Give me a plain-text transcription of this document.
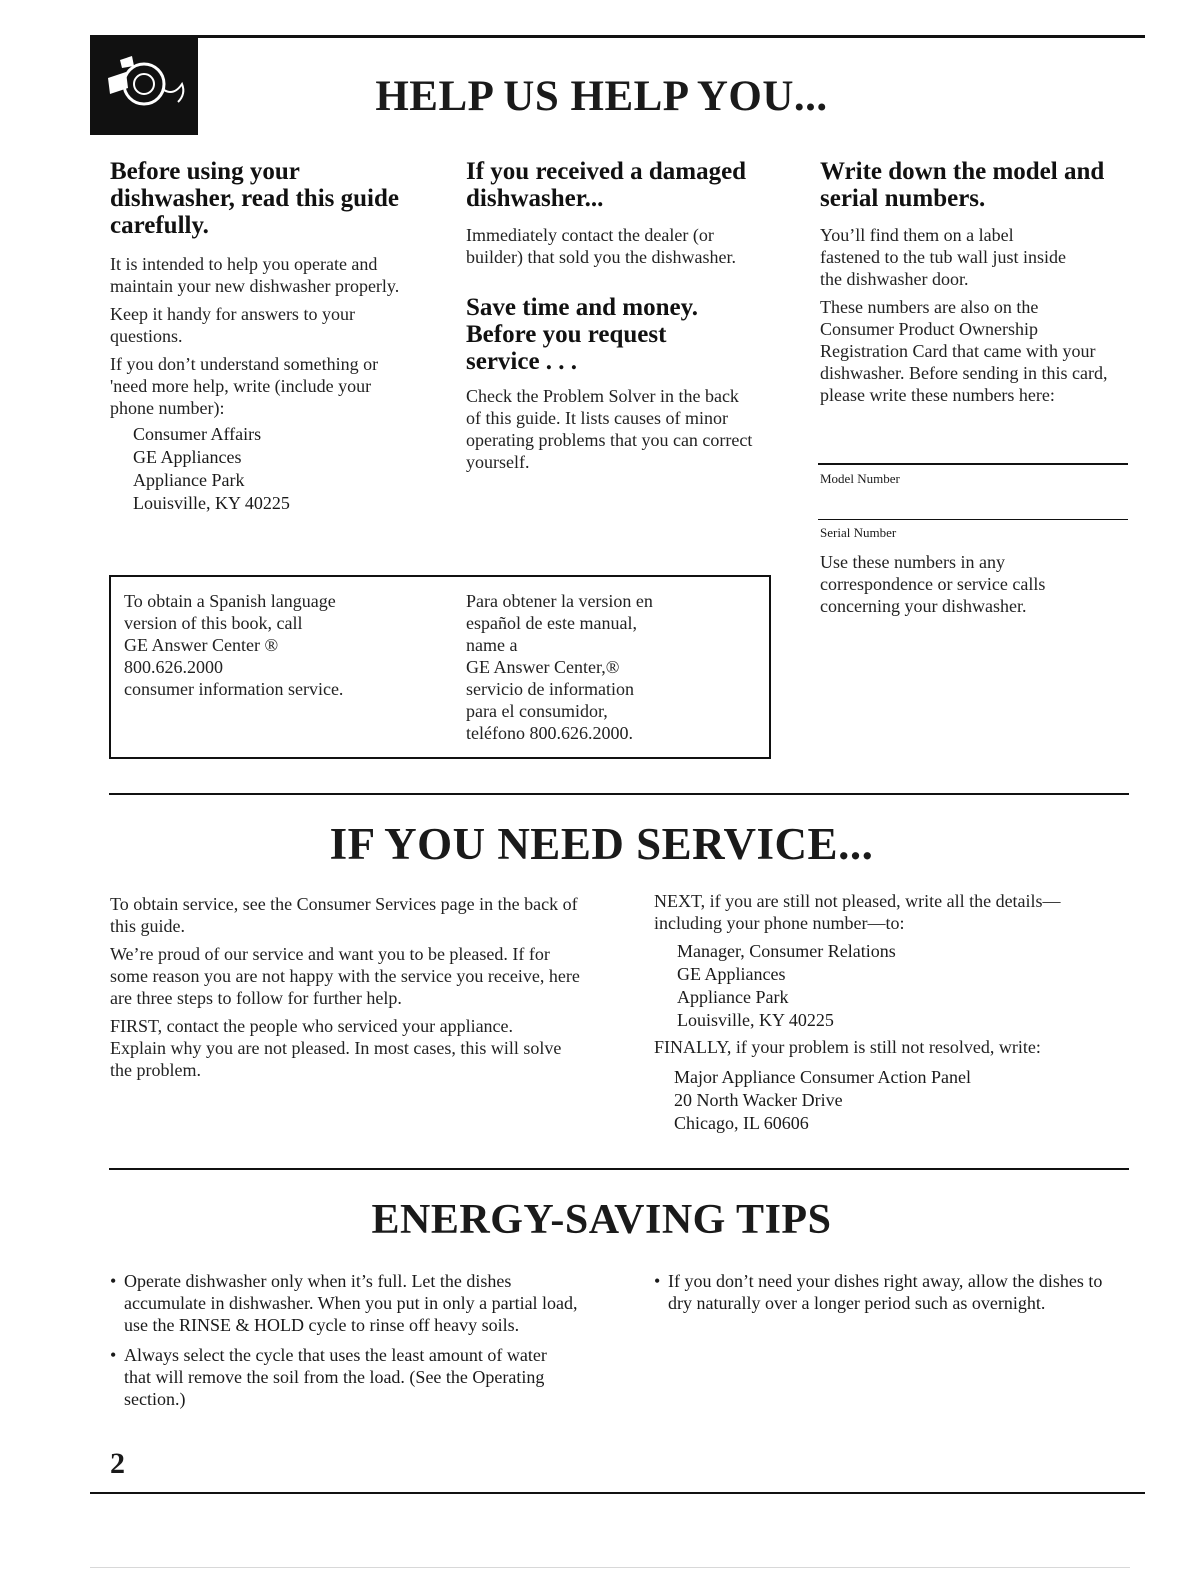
HELP US HELP YOU...
Before using your dishwasher, read this guide carefully.

It is intended to help you operate and maintain your new dishwasher properly.

Keep it handy for answers to your questions.

If you don’t understand something or 'need more help, write (include your phone number):

Consumer Affairs
GE Appliances
Appliance Park
Louisville, KY 40225
If you received a damaged dishwasher...

Immediately contact the dealer (or builder) that sold you the dishwasher.

Save time and money. Before you request service . . .

Check the Problem Solver in the back of this guide. It lists causes of minor operating problems that you can correct yourself.

Write down the model and serial numbers.

You’ll find them on a label fastened to the tub wall just inside the dishwasher door.

These numbers are also on the Consumer Product Ownership Registration Card that came with your dishwasher. Before sending in this card, please write these numbers here:

Model Number
Serial Number

Use these numbers in any correspondence or service calls concerning your dishwasher.

To obtain a Spanish language
version of this book, call
GE Answer Center ®
800.626.2000
consumer information service.
Para obtener la version en
español de este manual,
name a
GE Answer Center,®
servicio de information
para el consumidor,
teléfono 800.626.2000.
IF YOU NEED SERVICE...

To obtain service, see the Consumer Services page in the back of this guide.

We’re proud of our service and want you to be pleased. If for some reason you are not happy with the service you receive, here are three steps to follow for further help.

FIRST, contact the people who serviced your appliance. Explain why you are not pleased. In most cases, this will solve the problem.

NEXT, if you are still not pleased, write all the details—including your phone number—to:

Manager, Consumer Relations
GE Appliances
Appliance Park
Louisville, KY 40225

FINALLY, if your problem is still not resolved, write:

Major Appliance Consumer Action Panel
20 North Wacker Drive
Chicago, IL 60606
ENERGY-SAVING TIPS
• Operate dishwasher only when it’s full. Let the dishes accumulate in dishwasher. When you put in only a partial load, use the RINSE & HOLD cycle to rinse off heavy soils.
• Always select the cycle that uses the least amount of water that will remove the soil from the load. (See the Operating section.)
• If you don’t need your dishes right away, allow the dishes to dry naturally over a longer period such as overnight.
2
